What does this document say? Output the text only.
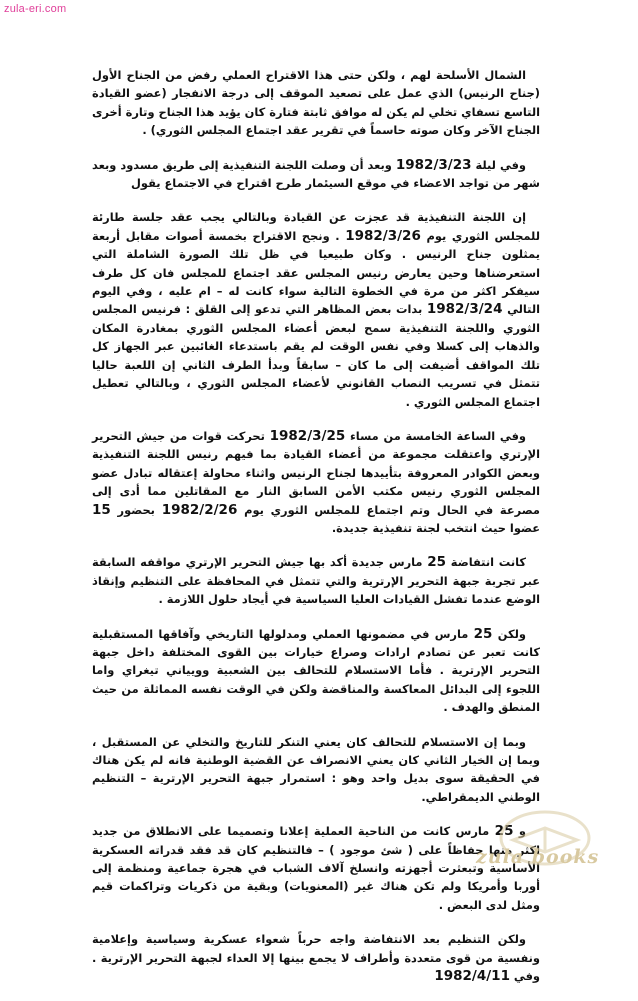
zula-eri.com

الشمال الأسلحة لهم ، ولكن حتى هذا الاقتراح العملي رفض من الجناح الأول (جناح الرنيس) الذي عمل على تصعيد الموقف إلى درجة الانفجار (عضو القيادة التاسع تسفاي تخلي لم يكن له موافق ثابتة فتارة كان يؤيد هذا الجناح وتارة أخرى الجناح الآخر وكان صوته حاسماً في تقرير عقد اجتماع المجلس الثوري) .

وفي ليلة 1982/3/23 وبعد أن وصلت اللجنة التنفيذية إلى طريق مسدود وبعد شهر من تواجد الاعضاء في موقع السيئمار طرح اقتراح في الاجتماع يقول

إن اللجنة التنفيذية قد عجزت عن القيادة وبالتالي يجب عقد جلسة طارئة للمجلس الثوري يوم 1982/3/26 . ونجح الاقتراح بخمسة أصوات مقابل أربعة يمثلون جناح الرنيس . وكان طبيعيا في ظل تلك الصورة الشاملة التي استعرضناها وحين يعارض رنيس المجلس عقد اجتماع للمجلس فان كل طرف سيفكر اكثر من مرة في الخطوة التالية سواء كانت له – ام عليه ، وفي اليوم التالي 1982/3/24 بدات بعض المظاهر التي تدعو إلى القلق : فرنيس المجلس الثوري واللجنة التنفيذية سمح لبعض أعضاء المجلس الثوري بمغادرة المكان والذهاب إلى كسلا وفي نفس الوقت لم يقم باستدعاء الغائبين عبر الجهاز كل تلك المواقف أضيفت إلى ما كان – سابقاً وبدأ الطرف الثاني إن اللعبة حاليا تتمثل في تسريب النصاب القانوني لأعضاء المجلس الثوري ، وبالتالي تعطيل اجتماع المجلس الثوري .

وفي الساعة الخامسة من مساء 1982/3/25 تحركت قوات من جيش التحرير الإرتري واعتقلت مجموعة من أعضاء القيادة بما فيهم رنيس اللجنة التنفيذية وبعض الكوادر المعروفة بتأييدها لجناح الرنيس واثناء محاولة إعتقاله تبادل عضو المجلس الثوري رنيس مكتب الأمن السابق النار مع المقاتلين مما أدى إلى مصرعة في الحال وتم اجتماع للمجلس الثوري يوم 1982/2/26 بحضور 15 عضوا حيث انتخب لجنة تنفيذية جديدة.

كانت انتفاضة 25 مارس جديدة أكد بها جيش التحرير الإرتري مواقفه السابقة عبر تجربة جبهة التحرير الإرترية والتي تتمثل في المحافظة على التنظيم وإنقاذ الوضع عندما تفشل القيادات العليا السياسية في أيجاد حلول اللازمة .

ولكن 25 مارس في مضمونها العملي ومدلولها التاريخي وآفاقها المستقبلية كانت تعبر عن تصادم ارادات وصراع خيارات بين القوى المختلفة داخل جبهة التحرير الإرترية . فأما الاستسلام للتحالف بين الشعبية وويياني تيغراي واما اللجوء إلى البدائل المعاكسة والمناقضة ولكن في الوقت نفسه المماثلة من حيث المنطق والهدف .

وبما إن الاستسلام للتحالف كان يعني التنكر للتاريخ والتخلي عن المستقبل ، وبما إن الخيار الثاني كان يعني الانصراف عن القضية الوطنية فانه لم يكن هناك في الحقيقة سوى بديل واحد وهو : استمرار جبهة التحرير الإرترية – التنظيم الوطني الديمقراطي.

و 25 مارس كانت من الناحية العملية إعلانا وتصميما على الانطلاق من جديد اكثر منها حفاظاً على ( شئ موجود ) – فالتنظيم كان قد فقد قدراته العسكرية الأساسية وتبعثرت أجهزته وانسلخ آلاف الشباب في هجرة جماعية ومنظمة إلى أوربا وأمريكا ولم تكن هناك غير (المعنويات) وبقية من ذكريات وتراكمات قيم ومثل لدى البعض .

ولكن التنظيم بعد الانتفاضة واجه حرباً شعواء عسكرية وسياسية وإعلامية ونفسية من قوى متعددة وأطراف لا يجمع بينها إلا العداء لجبهة التحرير الإرترية . وفي 1982/4/11

zula books
